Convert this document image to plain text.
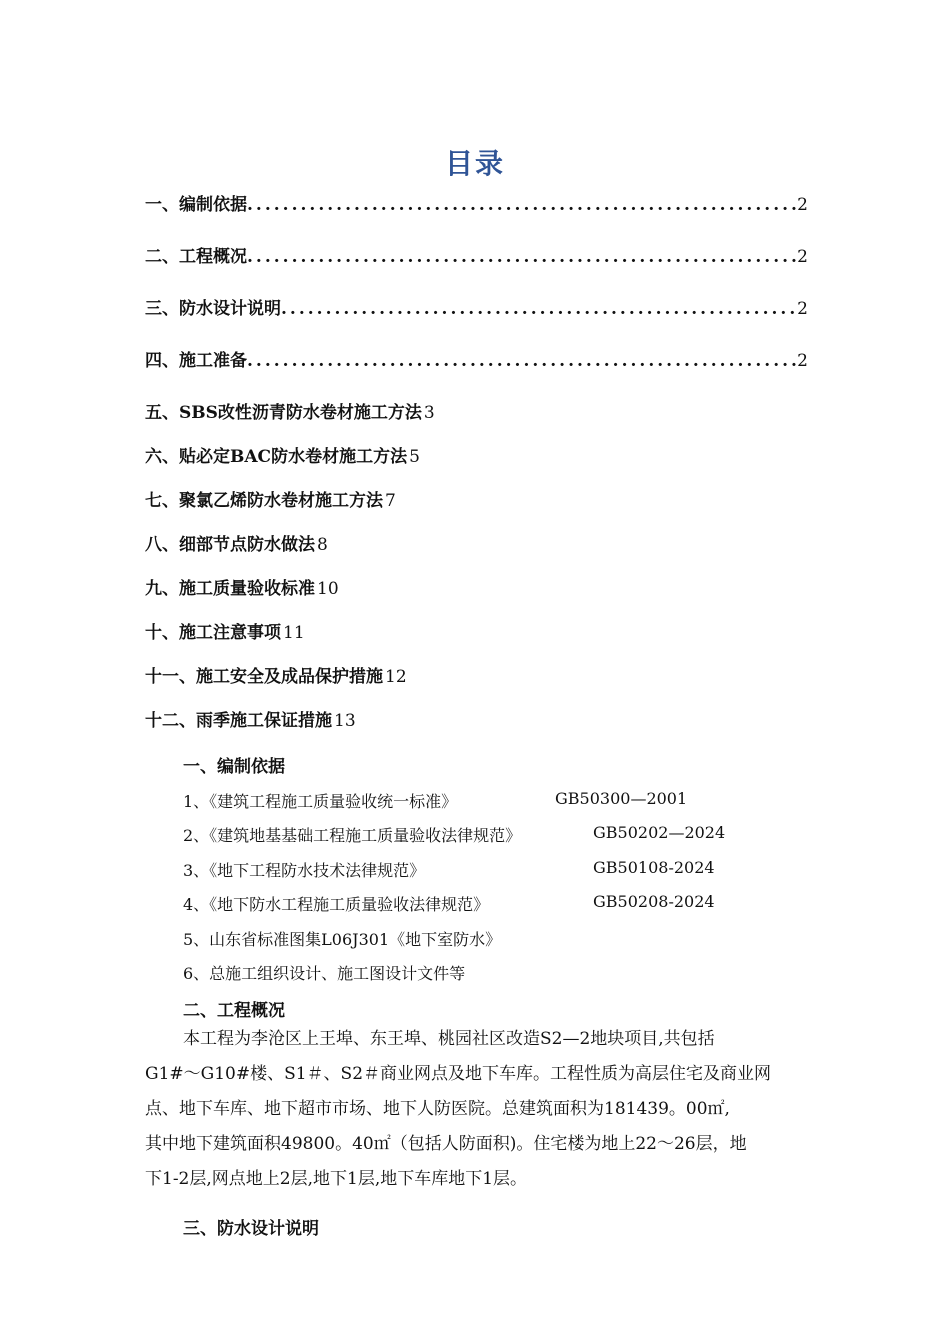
目录
一、编制依据 .....	2
二、工程概况 .....	2
三、防水设计说明 .....	2
四、施工准备 .....	2
五、SBS改性沥青防水卷材施工方法 3
六、贴必定BAC防水卷材施工方法 5
七、聚氯乙烯防水卷材施工方法 7
八、细部节点防水做法 8
九、施工质量验收标准 10
十、施工注意事项 11
十一、施工安全及成品保护措施 12
十二、雨季施工保证措施 13
一、编制依据
1、《建筑工程施工质量验收统一标准》	GB50300—2001
2、《建筑地基基础工程施工质量验收法律规范》	GB50202—2024
3、《地下工程防水技术法律规范》	GB50108-2024
4、《地下防水工程施工质量验收法律规范》	GB50208-2024
5、山东省标准图集L06J301《地下室防水》
6、总施工组织设计、施工图设计文件等
二、工程概况
本工程为李沧区上王埠、东王埠、桃园社区改造S2—2地块项目,共包括
G1#～G10#楼、S1＃、S2＃商业网点及地下车库。工程性质为高层住宅及商业网
点、地下车库、地下超市市场、地下人防医院。总建筑面积为181439。00㎡,
其中地下建筑面积49800。40㎡（包括人防面积)。住宅楼为地上22～26层，地
下1-2层,网点地上2层,地下1层,地下车库地下1层。
三、防水设计说明
